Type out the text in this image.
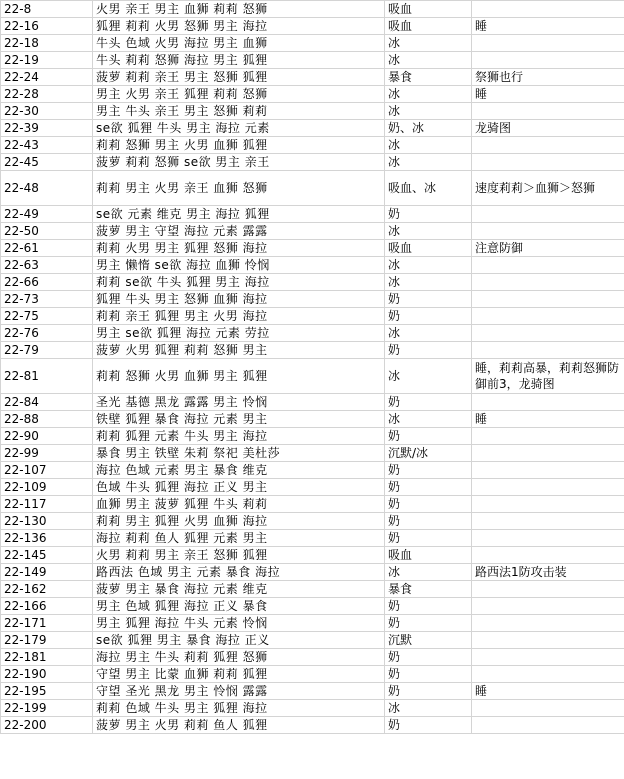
22-8	火男 亲王 男主 血狮 莉莉 怒狮	吸血	
22-16	狐狸 莉莉 火男 怒狮 男主 海拉	吸血	睡
22-18	牛头 色域 火男 海拉 男主 血狮	冰	
22-19	牛头 莉莉 怒狮 海拉 男主 狐狸	冰	
22-24	菠萝 莉莉 亲王 男主 怒狮 狐狸	暴食	祭狮也行
22-28	男主 火男 亲王 狐狸 莉莉 怒狮	冰	睡
22-30	男主 牛头 亲王 男主 怒狮 莉莉	冰	
22-39	se欲 狐狸 牛头 男主 海拉 元素	奶、冰	龙骑图
22-43	莉莉 怒狮 男主 火男 血狮 狐狸	冰	
22-45	菠萝 莉莉 怒狮 se欲 男主 亲王	冰	
22-48	莉莉 男主 火男 亲王 血狮 怒狮	吸血、冰	速度莉莉＞血狮＞怒狮
22-49	se欲 元素 维克 男主 海拉 狐狸	奶	
22-50	菠萝 男主 守望 海拉 元素 露露	冰	
22-61	莉莉 火男 男主 狐狸 怒狮 海拉	吸血	注意防御
22-63	男主 懒惰 se欲 海拉 血狮 怜悯	冰	
22-66	莉莉 se欲 牛头 狐狸 男主 海拉	冰	
22-73	狐狸 牛头 男主 怒狮 血狮 海拉	奶	
22-75	莉莉 亲王 狐狸 男主 火男 海拉	奶	
22-76	男主 se欲 狐狸 海拉 元素 劳拉	冰	
22-79	菠萝 火男 狐狸 莉莉 怒狮 男主	奶	
22-81	莉莉 怒狮 火男 血狮 男主 狐狸	冰	睡，莉莉高暴，莉莉怒狮防御前3，龙骑图
22-84	圣光 基德 黑龙 露露 男主 怜悯	奶	
22-88	铁壁 狐狸 暴食 海拉 元素 男主	冰	睡
22-90	莉莉 狐狸 元素 牛头 男主 海拉	奶	
22-99	暴食 男主 铁壁 朱莉 祭祀 美杜莎	沉默/冰	
22-107	海拉 色域 元素 男主 暴食 维克	奶	
22-109	色域 牛头 狐狸 海拉 正义 男主	奶	
22-117	血狮 男主 菠萝 狐狸 牛头 莉莉	奶	
22-130	莉莉 男主 狐狸 火男 血狮 海拉	奶	
22-136	海拉 莉莉 鱼人 狐狸 元素 男主	奶	
22-145	火男 莉莉 男主 亲王 怒狮 狐狸	吸血	
22-149	路西法 色域 男主 元素 暴食 海拉	冰	路西法1防攻击装
22-162	菠萝 男主 暴食 海拉 元素 维克	暴食	
22-166	男主 色域 狐狸 海拉 正义 暴食	奶	
22-171	男主 狐狸 海拉 牛头 元素 怜悯	奶	
22-179	se欲 狐狸 男主 暴食 海拉 正义	沉默	
22-181	海拉 男主 牛头 莉莉 狐狸 怒狮	奶	
22-190	守望 男主 比蒙 血狮 莉莉 狐狸	奶	
22-195	守望 圣光 黑龙 男主 怜悯 露露	奶	睡
22-199	莉莉 色域 牛头 男主 狐狸 海拉	冰	
22-200	菠萝 男主 火男 莉莉 鱼人 狐狸	奶	
